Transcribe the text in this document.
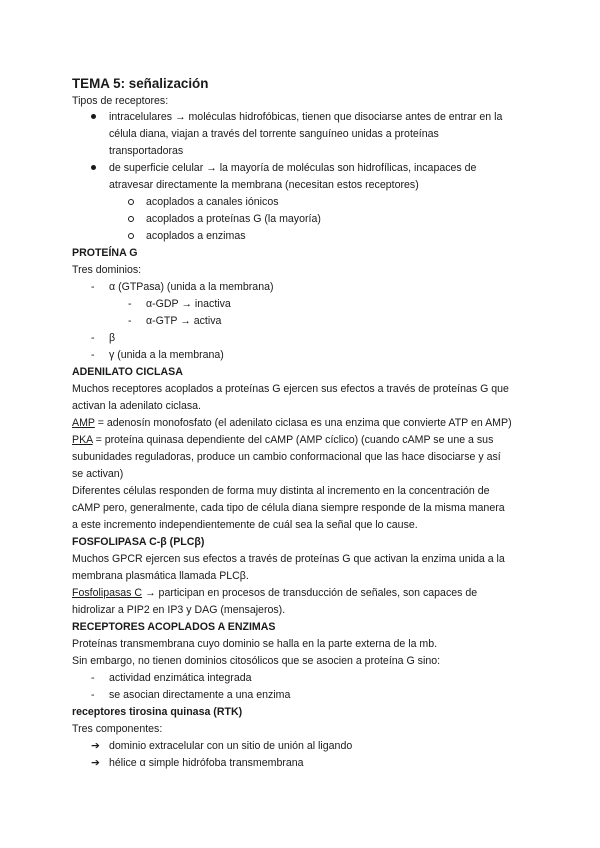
TEMA 5: señalización
Tipos de receptores:
intracelulares → moléculas hidrofóbicas, tienen que disociarse antes de entrar en la
célula diana, viajan a través del torrente sanguíneo unidas a proteínas
transportadoras
de superficie celular → la mayoría de moléculas son hidrofílicas, incapaces de
atravesar directamente la membrana (necesitan estos receptores)
acoplados a canales iónicos
acoplados a proteínas G (la mayoría)
acoplados a enzimas
PROTEÍNA G
Tres dominios:
- α (GTPasa) (unida a la membrana)
- α-GDP → inactiva
- α-GTP → activa
- β
- γ (unida a la membrana)
ADENILATO CICLASA
Muchos receptores acoplados a proteínas G ejercen sus efectos a través de proteínas G que
activan la adenilato ciclasa.
AMP = adenosín monofosfato (el adenilato ciclasa es una enzima que convierte ATP en AMP)
PKA = proteína quinasa dependiente del cAMP (AMP cíclico) (cuando cAMP se une a sus
subunidades reguladoras, produce un cambio conformacional que las hace disociarse y así
se activan)
Diferentes células responden de forma muy distinta al incremento en la concentración de
cAMP pero, generalmente, cada tipo de célula diana siempre responde de la misma manera
a este incremento independientemente de cuál sea la señal que lo cause.
FOSFOLIPASA C-β (PLCβ)
Muchos GPCR ejercen sus efectos a través de proteínas G que activan la enzima unida a la
membrana plasmática llamada PLCβ.
Fosfolipasas C → participan en procesos de transducción de señales, son capaces de
hidrolizar a PIP2 en IP3 y DAG (mensajeros).
RECEPTORES ACOPLADOS A ENZIMAS
Proteínas transmembrana cuyo dominio se halla en la parte externa de la mb.
Sin embargo, no tienen dominios citosólicos que se asocien a proteína G sino:
- actividad enzimática integrada
- se asocian directamente a una enzima
receptores tirosina quinasa (RTK)
Tres componentes:
➔ dominio extracelular con un sitio de unión al ligando
➔ hélice α simple hidrófoba transmembrana
